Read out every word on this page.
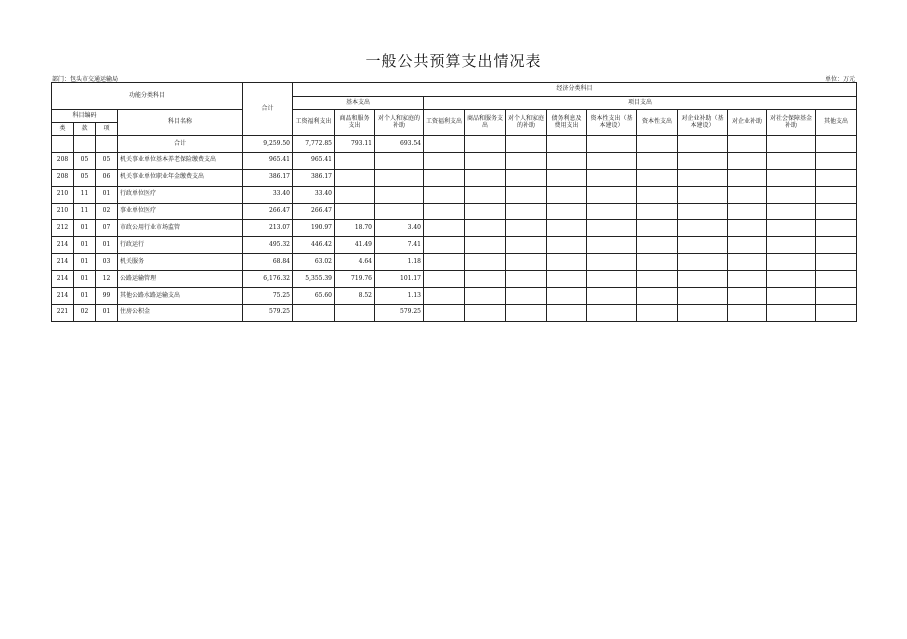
一般公共预算支出情况表
部门：包头市交通运输局	单位：万元
功能分类科目				合计	经济分类科目												
					基本支出			项目支出									
科目编码			科目名称		工资福利支出	商品和服务支出	对个人和家庭的补助	工资福利支出	商品和服务支出	对个人和家庭的补助	债务利息及费用支出	资本性支出（基本建设）	资本性支出	对企业补助（基本建设）	对企业补助	对社会保障基金补助	其他支出
类	款	项															
			合计	9,259.50	7,772.85	793.11	693.54										
208	05	05	机关事业单位基本养老保险缴费支出	965.41	965.41												
208	05	06	机关事业单位职业年金缴费支出	386.17	386.17												
210	11	01	行政单位医疗	33.40	33.40												
210	11	02	事业单位医疗	266.47	266.47												
212	01	07	市政公用行业市场监管	213.07	190.97	18.70	3.40										
214	01	01	行政运行	495.32	446.42	41.49	7.41										
214	01	03	机关服务	68.84	63.02	4.64	1.18										
214	01	12	公路运输管理	6,176.32	5,355.39	719.76	101.17										
214	01	99	其他公路水路运输支出	75.25	65.60	8.52	1.13										
221	02	01	住房公积金	579.25			579.25										
